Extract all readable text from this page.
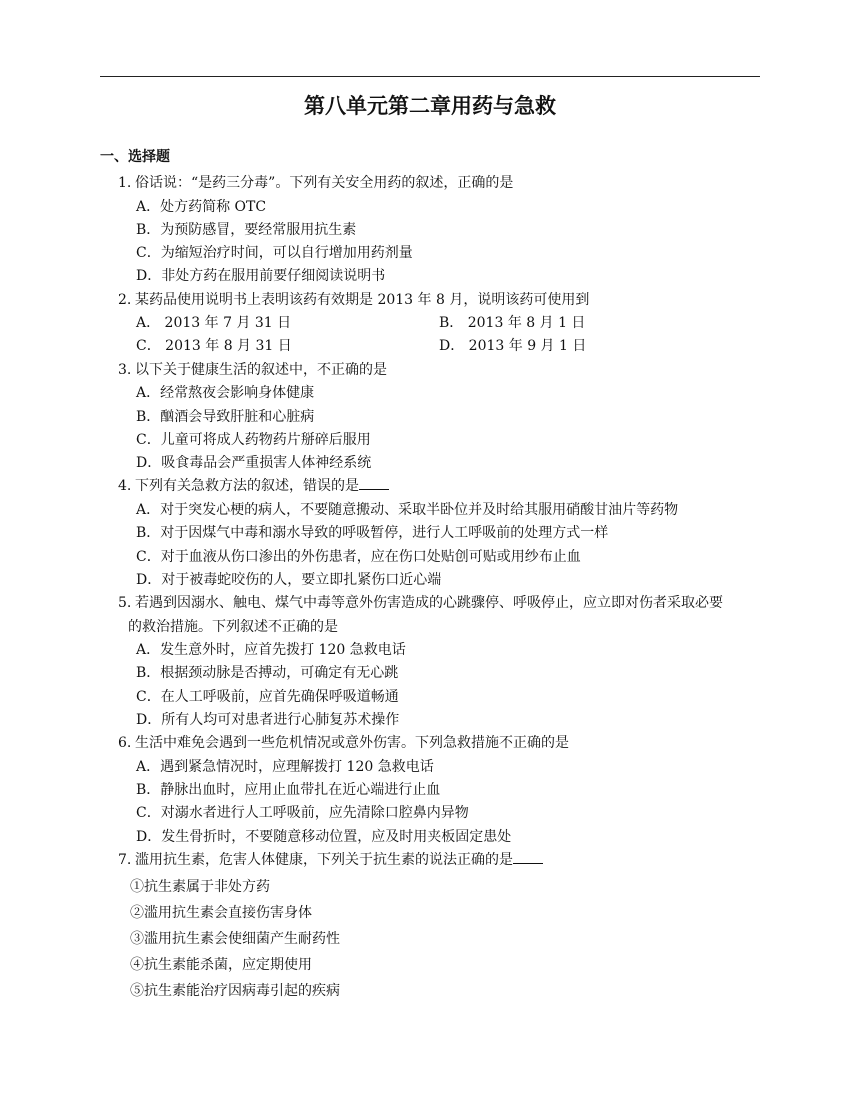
第八单元第二章用药与急救
一、选择题
1. 俗话说：“是药三分毒”。下列有关安全用药的叙述，正确的是
A．处方药简称 OTC
B．为预防感冒，要经常服用抗生素
C．为缩短治疗时间，可以自行增加用药剂量
D．非处方药在服用前要仔细阅读说明书
2. 某药品使用说明书上表明该药有效期是 2013 年 8 月，说明该药可使用到
A． 2013 年 7 月 31 日	B． 2013 年 8 月 1 日
C． 2013 年 8 月 31 日	D． 2013 年 9 月 1 日
3. 以下关于健康生活的叙述中，不正确的是
A．经常熬夜会影响身体健康
B．酗酒会导致肝脏和心脏病
C．儿童可将成人药物药片掰碎后服用
D．吸食毒品会严重损害人体神经系统
4. 下列有关急救方法的叙述，错误的是
A．对于突发心梗的病人，不要随意搬动、采取半卧位并及时给其服用硝酸甘油片等药物
B．对于因煤气中毒和溺水导致的呼吸暂停，进行人工呼吸前的处理方式一样
C．对于血液从伤口渗出的外伤患者，应在伤口处贴创可贴或用纱布止血
D．对于被毒蛇咬伤的人，要立即扎紧伤口近心端
5. 若遇到因溺水、触电、煤气中毒等意外伤害造成的心跳骤停、呼吸停止，应立即对伤者采取必要
的救治措施。下列叙述不正确的是
A．发生意外时，应首先拨打 120 急救电话
B．根据颈动脉是否搏动，可确定有无心跳
C．在人工呼吸前，应首先确保呼吸道畅通
D．所有人均可对患者进行心肺复苏术操作
6. 生活中难免会遇到一些危机情况或意外伤害。下列急救措施不正确的是
A．遇到紧急情况时，应理解拨打 120 急救电话
B．静脉出血时，应用止血带扎在近心端进行止血
C．对溺水者进行人工呼吸前，应先清除口腔鼻内异物
D．发生骨折时，不要随意移动位置，应及时用夹板固定患处
7. 滥用抗生素，危害人体健康，下列关于抗生素的说法正确的是
①抗生素属于非处方药
②滥用抗生素会直接伤害身体
③滥用抗生素会使细菌产生耐药性
④抗生素能杀菌，应定期使用
⑤抗生素能治疗因病毒引起的疾病
